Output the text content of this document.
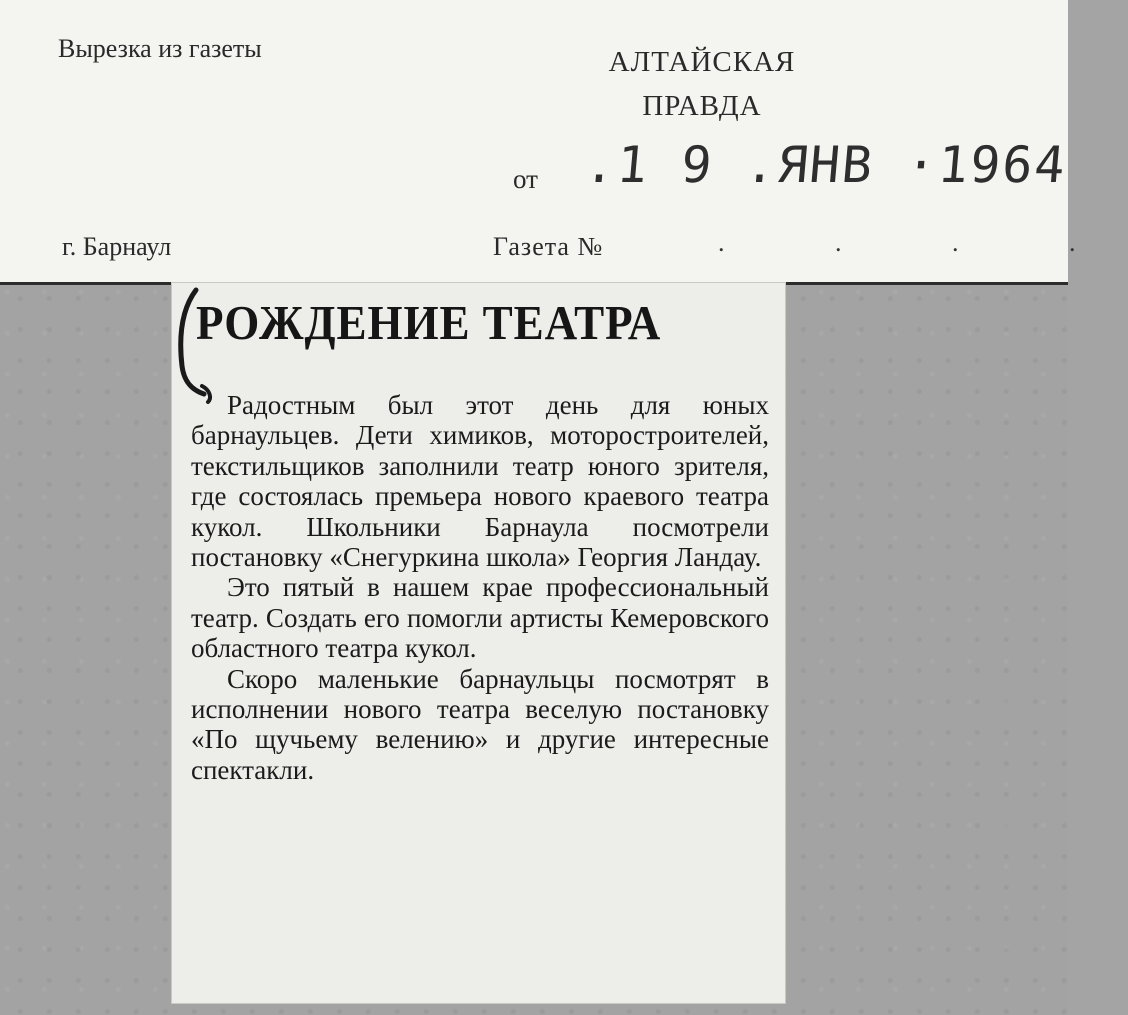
Вырезка из газеты	АЛТАЙСКАЯ
ПРАВДА
от .1 9 .ЯНВ ·1964
г. Барнаул	Газета №	. . . .
РОЖДЕНИЕ ТЕАТРА

Радостным был этот день для юных барнаульцев. Дети химиков, моторостроителей, текстильщиков заполнили театр юного зрителя, где состоялась премьера нового краевого театра кукол. Школьники Барнаула посмотрели постановку «Снегуркина школа» Георгия Ландау.

Это пятый в нашем крае профессиональный театр. Создать его помогли артисты Кемеровского областного театра кукол.

Скоро маленькие барнаульцы посмотрят в исполнении нового театра веселую постановку «По щучьему велению» и другие интересные спектакли.
